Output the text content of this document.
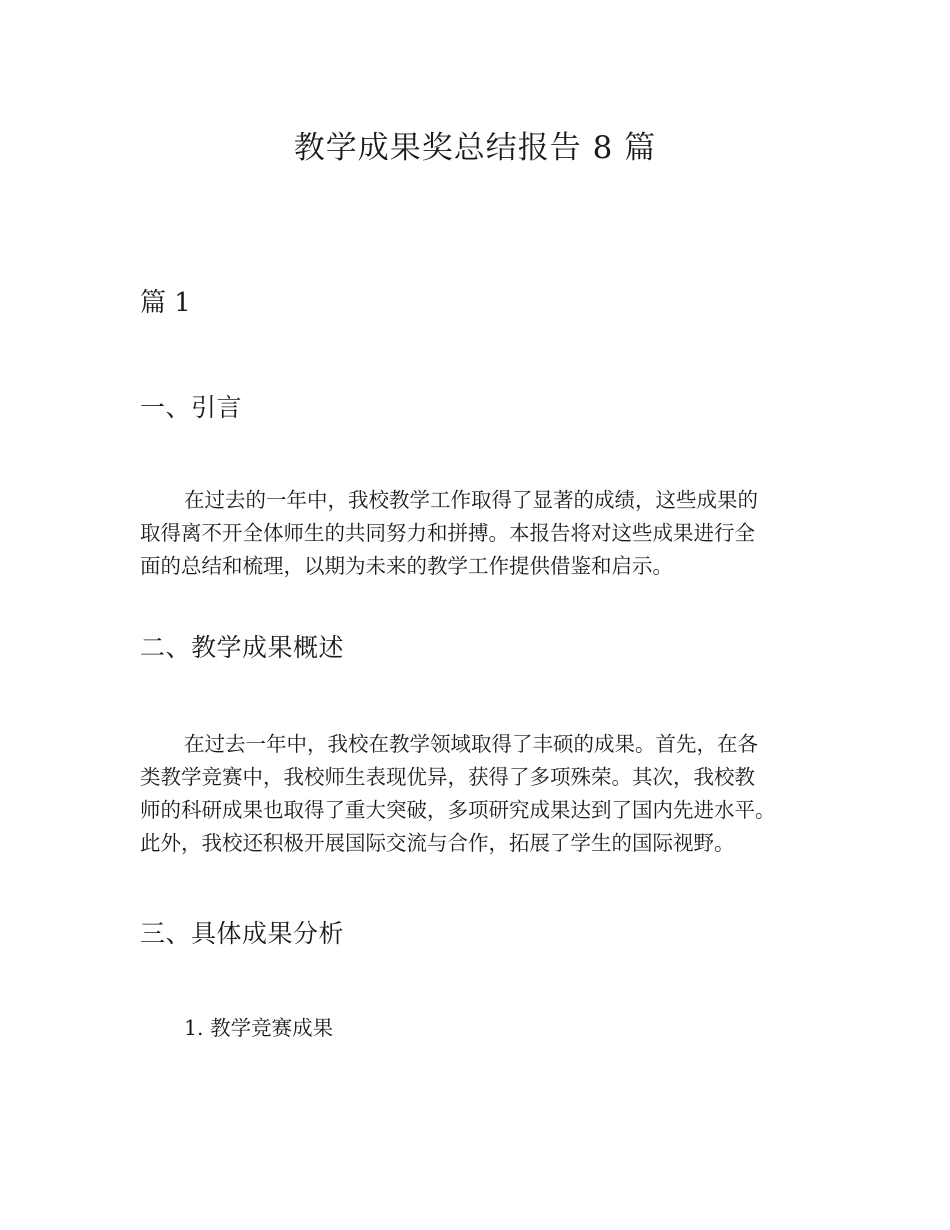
教学成果奖总结报告 8 篇
篇 1
一、引言
在过去的一年中，我校教学工作取得了显著的成绩，这些成果的
取得离不开全体师生的共同努力和拼搏。本报告将对这些成果进行全
面的总结和梳理，以期为未来的教学工作提供借鉴和启示。
二、教学成果概述
在过去一年中，我校在教学领域取得了丰硕的成果。首先，在各
类教学竞赛中，我校师生表现优异，获得了多项殊荣。其次，我校教
师的科研成果也取得了重大突破，多项研究成果达到了国内先进水平。
此外，我校还积极开展国际交流与合作，拓展了学生的国际视野。
三、具体成果分析
1. 教学竞赛成果
